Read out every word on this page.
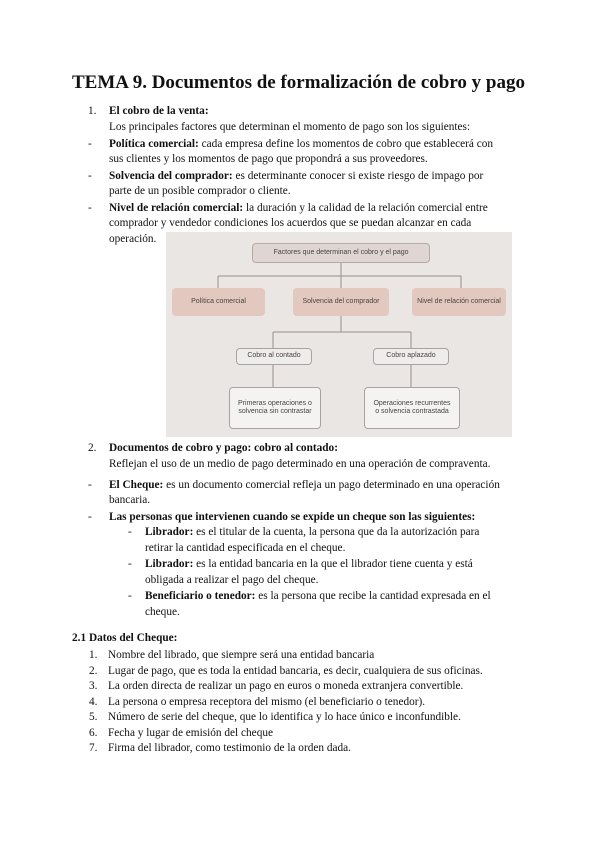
TEMA 9. Documentos de formalización de cobro y pago
1. El cobro de la venta:
Los principales factores que determinan el momento de pago son los siguientes:
-	Política comercial: cada empresa define los momentos de cobro que establecerá con
sus clientes y los momentos de pago que propondrá a sus proveedores.
-	Solvencia del comprador: es determinante conocer si existe riesgo de impago por
parte de un posible comprador o cliente.
-	Nivel de relación comercial: la duración y la calidad de la relación comercial entre
comprador y vendedor condiciones los acuerdos que se puedan alcanzar en cada
operación.
Factores que determinan el cobro y el pago
Política comercial	Solvencia del comprador	Nivel de relación comercial
Cobro al contado	Cobro aplazado
Primeras operaciones o solvencia sin contrastar
Operaciones recurrentes o solvencia contrastada
2. Documentos de cobro y pago: cobro al contado:
Reflejan el uso de un medio de pago determinado en una operación de compraventa.
-	El Cheque: es un documento comercial refleja un pago determinado en una operación
bancaria.
-	Las personas que intervienen cuando se expide un cheque son las siguientes:
-	Librador: es el titular de la cuenta, la persona que da la autorización para
retirar la cantidad especificada en el cheque.
-	Librador: es la entidad bancaria en la que el librador tiene cuenta y está
obligada a realizar el pago del cheque.
-	Beneficiario o tenedor: es la persona que recibe la cantidad expresada en el
cheque.
2.1 Datos del Cheque:
1. Nombre del librado, que siempre será una entidad bancaria
2. Lugar de pago, que es toda la entidad bancaria, es decir, cualquiera de sus oficinas.
3. La orden directa de realizar un pago en euros o moneda extranjera convertible.
4. La persona o empresa receptora del mismo (el beneficiario o tenedor).
5. Número de serie del cheque, que lo identifica y lo hace único e inconfundible.
6. Fecha y lugar de emisión del cheque
7. Firma del librador, como testimonio de la orden dada.
